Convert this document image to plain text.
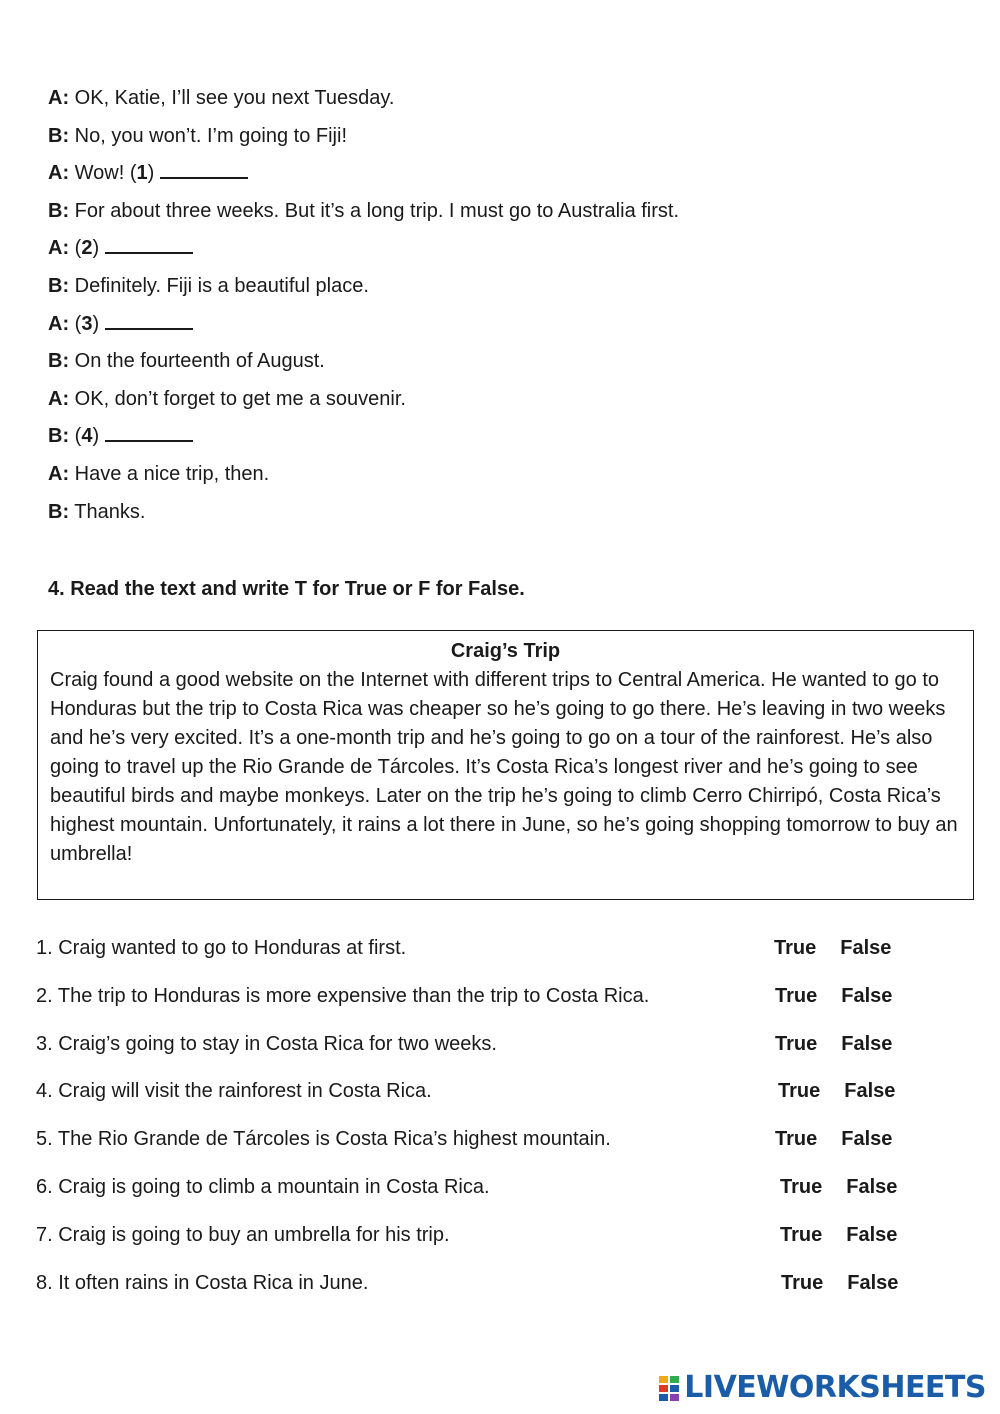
A: OK, Katie, I’ll see you next Tuesday.
B: No, you won’t. I’m going to Fiji!
A: Wow! (1)
B: For about three weeks. But it’s a long trip. I must go to Australia first.
A: (2)
B: Definitely. Fiji is a beautiful place.
A: (3)
B: On the fourteenth of August.
A: OK, don’t forget to get me a souvenir.
B: (4)
A: Have a nice trip, then.
B: Thanks.
4. Read the text and write T for True or F for False.
Craig’s Trip
Craig found a good website on the Internet with different trips to Central America. He wanted to go to Honduras but the trip to Costa Rica was cheaper so he’s going to go there. He’s leaving in two weeks and he’s very excited. It’s a one-month trip and he’s going to go on a tour of the rainforest. He’s also going to travel up the Rio Grande de Tárcoles. It’s Costa Rica’s longest river and he’s going to see beautiful birds and maybe monkeys. Later on the trip he’s going to climb Cerro Chirripó, Costa Rica’s highest mountain. Unfortunately, it rains a lot there in June, so he’s going shopping tomorrow to buy an umbrella!
1. Craig wanted to go to Honduras at first.	True False
2. The trip to Honduras is more expensive than the trip to Costa Rica.	True False
3. Craig’s going to stay in Costa Rica for two weeks.	True False
4. Craig will visit the rainforest in Costa Rica.	True False
5. The Rio Grande de Tárcoles is Costa Rica’s highest mountain.	True False
6. Craig is going to climb a mountain in Costa Rica.	True False
7. Craig is going to buy an umbrella for his trip.	True False
8. It often rains in Costa Rica in June.	True False
LIVEWORKSHEETS
